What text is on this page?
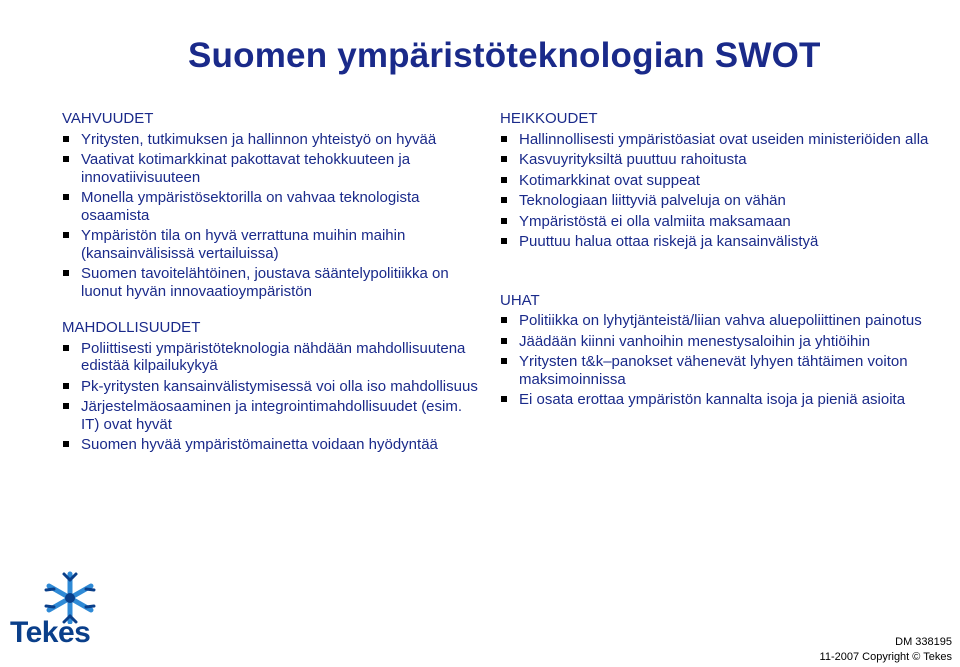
Suomen ympäristöteknologian SWOT
VAHVUUDET
Yritysten, tutkimuksen ja hallinnon yhteistyö on hyvää
Vaativat kotimarkkinat pakottavat tehokkuuteen ja innovatiivisuuteen
Monella ympäristösektorilla on vahvaa teknologista osaamista
Ympäristön tila on hyvä verrattuna muihin maihin (kansainvälisissä vertailuissa)
Suomen tavoitelähtöinen, joustava sääntelypolitiikka on luonut hyvän innovaatioympäristön
MAHDOLLISUUDET
Poliittisesti ympäristöteknologia nähdään mahdollisuutena edistää kilpailukykyä
Pk-yritysten kansainvälistymisessä voi olla iso mahdollisuus
Järjestelmäosaaminen ja integrointimahdollisuudet (esim. IT) ovat hyvät
Suomen hyvää ympäristömainetta voidaan hyödyntää
HEIKKOUDET
Hallinnollisesti ympäristöasiat ovat useiden ministeriöiden alla
Kasvuyrityksiltä puuttuu rahoitusta
Kotimarkkinat ovat suppeat
Teknologiaan liittyviä palveluja on vähän
Ympäristöstä ei olla valmiita maksamaan
Puuttuu halua ottaa riskejä ja kansainvälistyä
UHAT
Politiikka on lyhytjänteistä/liian vahva aluepoliittinen painotus
Jäädään kiinni vanhoihin menestysaloihin ja yhtiöihin
Yritysten t&k–panokset vähenevät lyhyen tähtäimen voiton maksimoinnissa
Ei osata erottaa ympäristön kannalta isoja ja pieniä asioita
Tekes	DM 338195
11-2007 Copyright © Tekes
